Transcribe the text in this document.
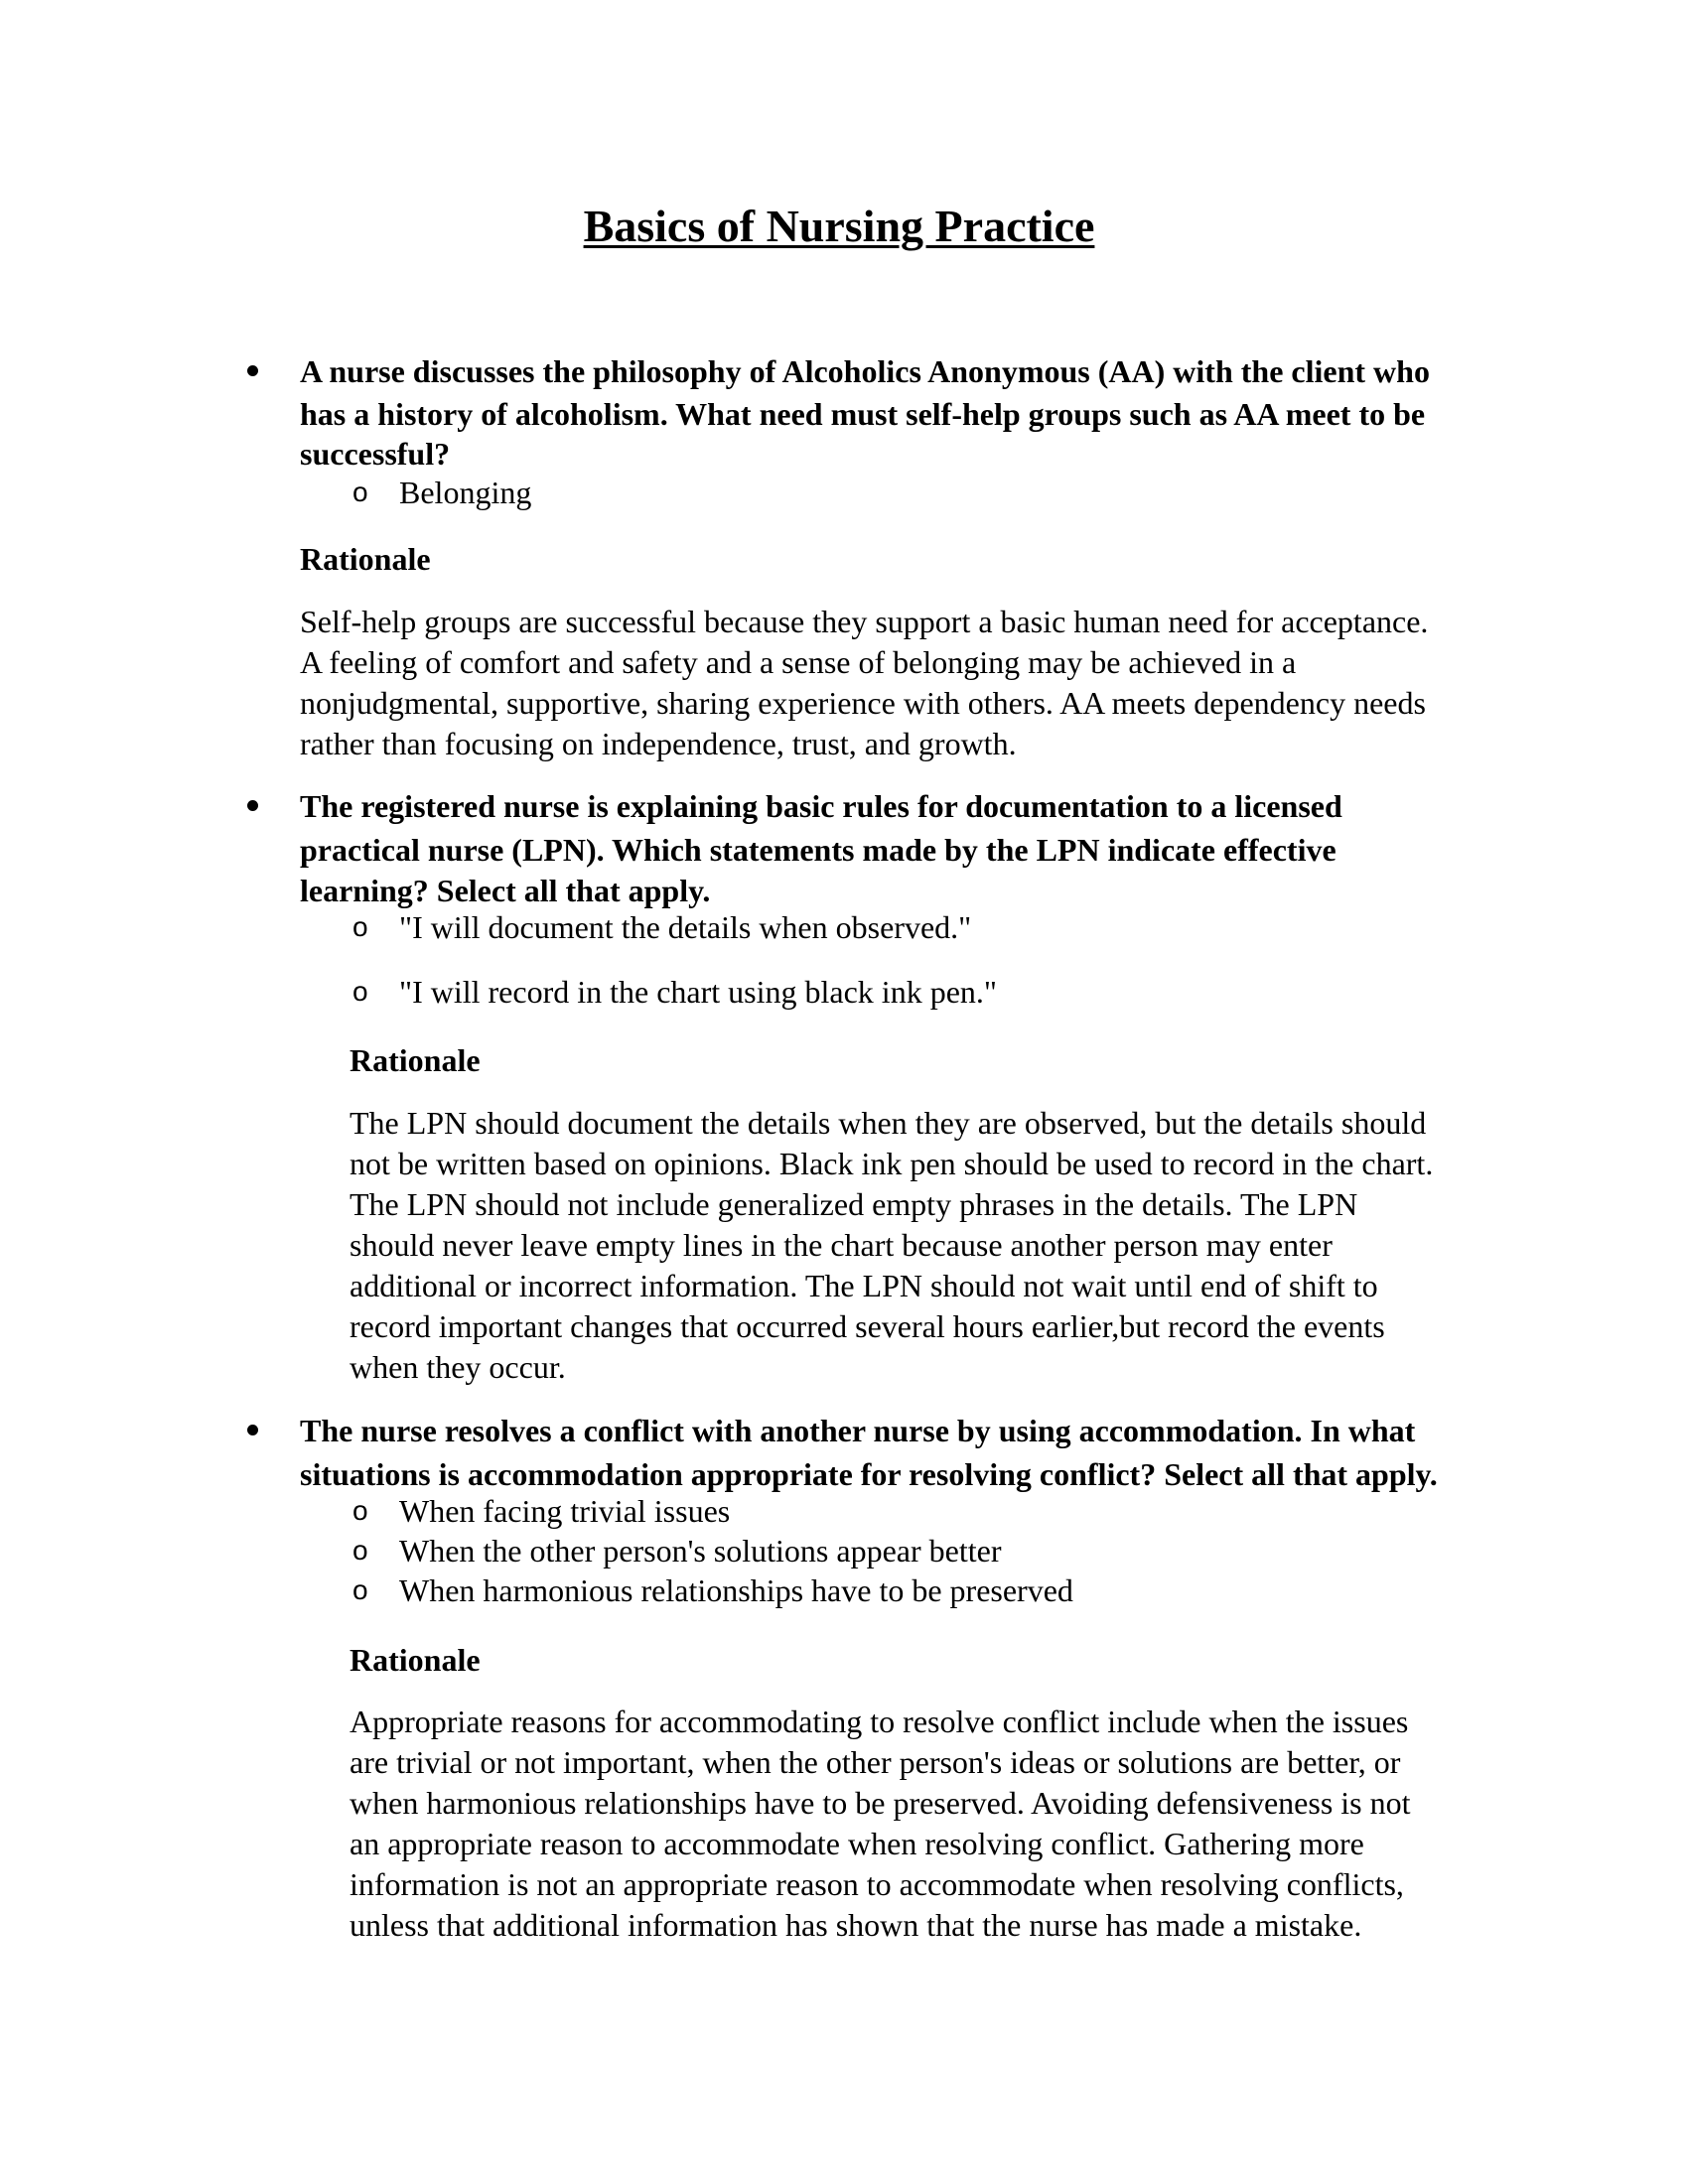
Basics of Nursing Practice
A nurse discusses the philosophy of Alcoholics Anonymous (AA) with the client who
has a history of alcoholism. What need must self-help groups such as AA meet to be
successful?
o Belonging
Rationale
Self-help groups are successful because they support a basic human need for acceptance.
A feeling of comfort and safety and a sense of belonging may be achieved in a
nonjudgmental, supportive, sharing experience with others. AA meets dependency needs
rather than focusing on independence, trust, and growth.
The registered nurse is explaining basic rules for documentation to a licensed
practical nurse (LPN). Which statements made by the LPN indicate effective
learning? Select all that apply.
o "I will document the details when observed."
o "I will record in the chart using black ink pen."
Rationale
The LPN should document the details when they are observed, but the details should
not be written based on opinions. Black ink pen should be used to record in the chart.
The LPN should not include generalized empty phrases in the details. The LPN
should never leave empty lines in the chart because another person may enter
additional or incorrect information. The LPN should not wait until end of shift to
record important changes that occurred several hours earlier,but record the events
when they occur.
The nurse resolves a conflict with another nurse by using accommodation. In what
situations is accommodation appropriate for resolving conflict? Select all that apply.
o When facing trivial issues
o When the other person's solutions appear better
o When harmonious relationships have to be preserved
Rationale
Appropriate reasons for accommodating to resolve conflict include when the issues
are trivial or not important, when the other person's ideas or solutions are better, or
when harmonious relationships have to be preserved. Avoiding defensiveness is not
an appropriate reason to accommodate when resolving conflict. Gathering more
information is not an appropriate reason to accommodate when resolving conflicts,
unless that additional information has shown that the nurse has made a mistake.
